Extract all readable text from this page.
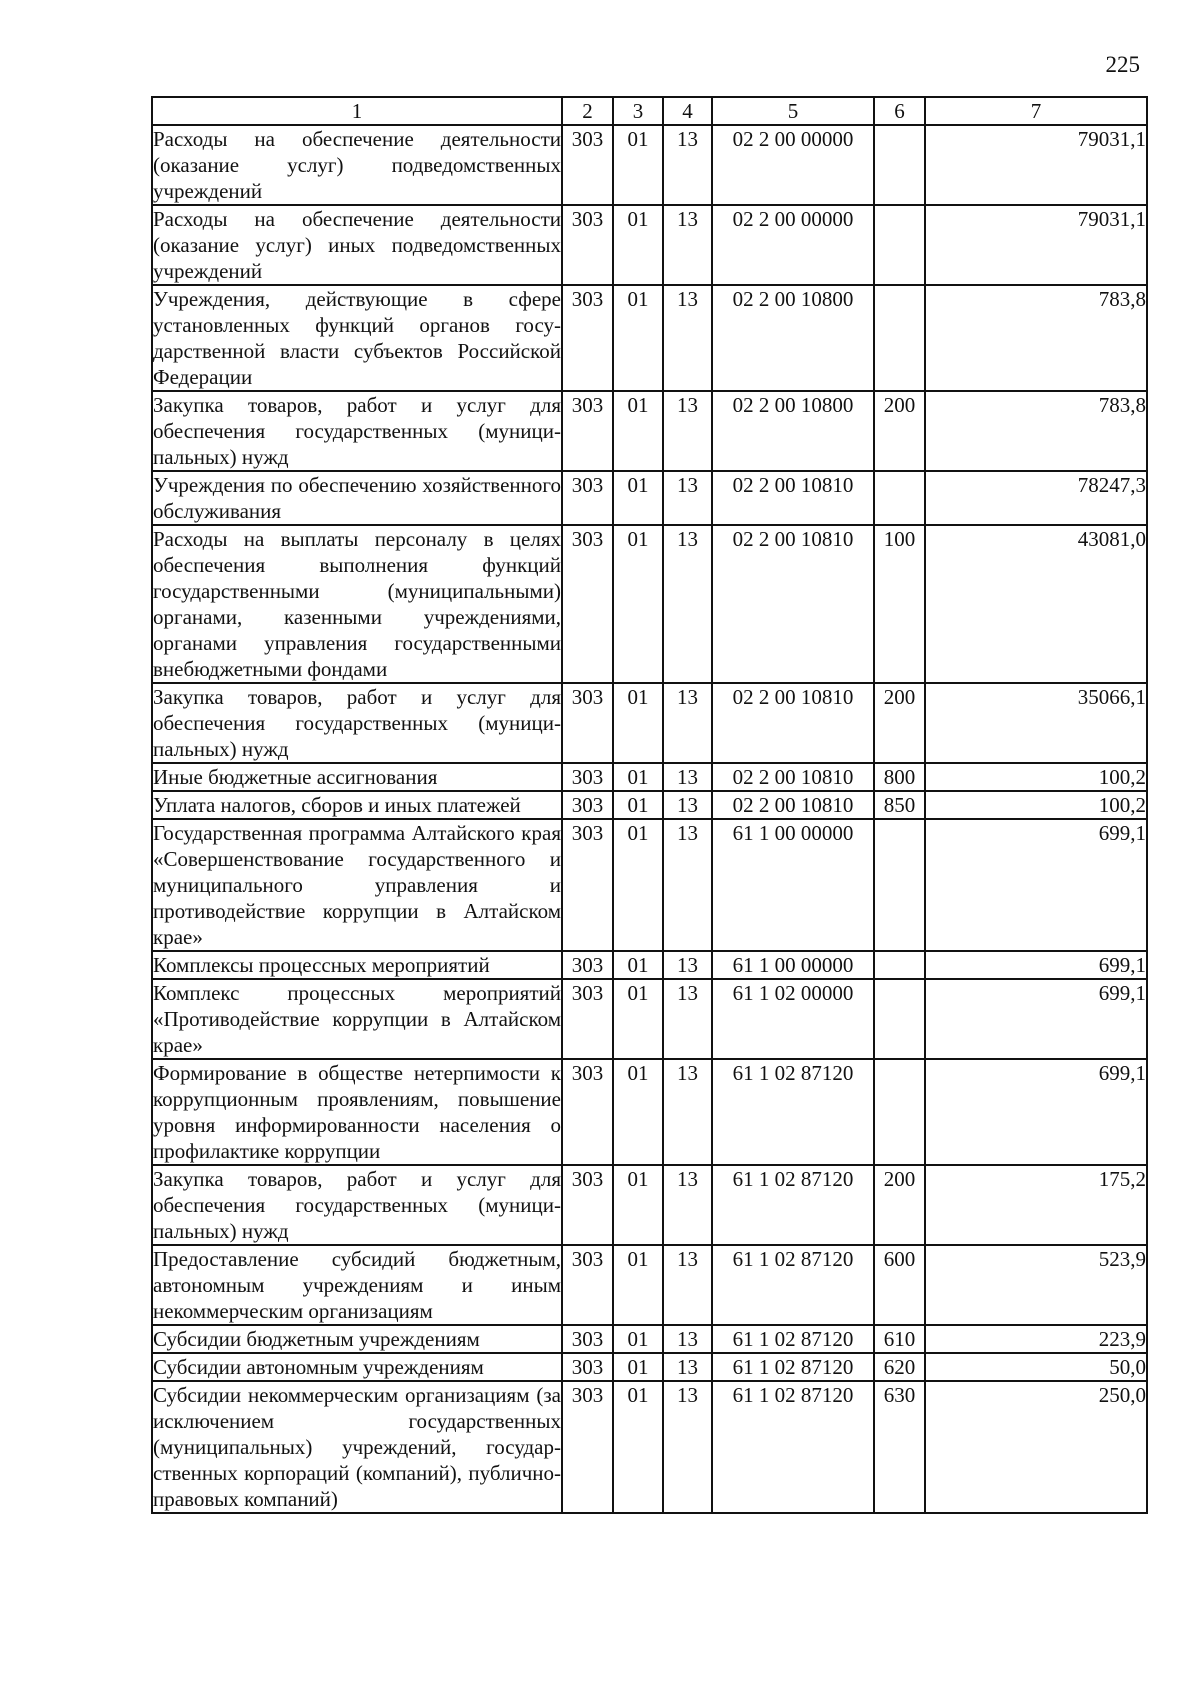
225
1	2	3	4	5	6	7
Расходы на обеспечение деятельности (оказание услуг) подведомственных учреждений	303	01	13	02 2 00 00000		79031,1
Расходы на обеспечение деятельности (оказание услуг) иных подведомственных учреждений	303	01	13	02 2 00 00000		79031,1
Учреждения, действующие в сфере установленных функций органов государственной власти субъектов Российской Федерации	303	01	13	02 2 00 10800		783,8
Закупка товаров, работ и услуг для обеспечения государственных (муниципальных) нужд	303	01	13	02 2 00 10800	200	783,8
Учреждения по обеспечению хозяйственного обслуживания	303	01	13	02 2 00 10810		78247,3
Расходы на выплаты персоналу в целях обеспечения выполнения функций государственными (муниципальными) органами, казенными учреждениями, органами управления государственными внебюджетными фондами	303	01	13	02 2 00 10810	100	43081,0
Закупка товаров, работ и услуг для обеспечения государственных (муниципальных) нужд	303	01	13	02 2 00 10810	200	35066,1
Иные бюджетные ассигнования	303	01	13	02 2 00 10810	800	100,2
Уплата налогов, сборов и иных платежей	303	01	13	02 2 00 10810	850	100,2
Государственная программа Алтайского края «Совершенствование государственного и муниципального управления и противодействие коррупции в Алтайском крае»	303	01	13	61 1 00 00000		699,1
Комплексы процессных мероприятий	303	01	13	61 1 00 00000		699,1
Комплекс процессных мероприятий «Противодействие коррупции в Алтайском крае»	303	01	13	61 1 02 00000		699,1
Формирование в обществе нетерпимости к коррупционным проявлениям, повышение уровня информированности населения о профилактике коррупции	303	01	13	61 1 02 87120		699,1
Закупка товаров, работ и услуг для обеспечения государственных (муниципальных) нужд	303	01	13	61 1 02 87120	200	175,2
Предоставление субсидий бюджетным, автономным учреждениям и иным некоммерческим организациям	303	01	13	61 1 02 87120	600	523,9
Субсидии бюджетным учреждениям	303	01	13	61 1 02 87120	610	223,9
Субсидии автономным учреждениям	303	01	13	61 1 02 87120	620	50,0
Субсидии некоммерческим организациям (за исключением государственных (муниципальных) учреждений, государственных корпораций (компаний), публично-правовых компаний)	303	01	13	61 1 02 87120	630	250,0
